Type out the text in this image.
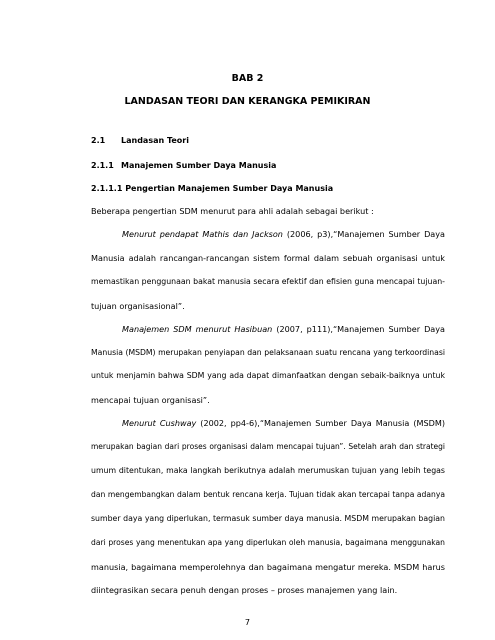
BAB 2
LANDASAN TEORI DAN KERANGKA PEMIKIRAN
2.1 Landasan Teori
2.1.1 Manajemen Sumber Daya Manusia
2.1.1.1 Pengertian Manajemen Sumber Daya Manusia
Beberapa pengertian SDM menurut para ahli adalah sebagai berikut :
Menurut pendapat Mathis dan Jackson (2006, p3),“Manajemen Sumber Daya
Manusia adalah rancangan-rancangan sistem formal dalam sebuah organisasi untuk
memastikan penggunaan bakat manusia secara efektif dan efisien guna mencapai tujuan-
tujuan organisasional”.
Manajemen SDM menurut Hasibuan (2007, p111),“Manajemen Sumber Daya
Manusia (MSDM) merupakan penyiapan dan pelaksanaan suatu rencana yang terkoordinasi
untuk menjamin bahwa SDM yang ada dapat dimanfaatkan dengan sebaik-baiknya untuk
mencapai tujuan organisasi”.
Menurut Cushway (2002, pp4-6),“Manajemen Sumber Daya Manusia (MSDM)
merupakan bagian dari proses organisasi dalam mencapai tujuan”. Setelah arah dan strategi
umum ditentukan, maka langkah berikutnya adalah merumuskan tujuan yang lebih tegas
dan mengembangkan dalam bentuk rencana kerja. Tujuan tidak akan tercapai tanpa adanya
sumber daya yang diperlukan, termasuk sumber daya manusia. MSDM merupakan bagian
dari proses yang menentukan apa yang diperlukan oleh manusia, bagaimana menggunakan
manusia, bagaimana memperolehnya dan bagaimana mengatur mereka. MSDM harus
diintegrasikan secara penuh dengan proses – proses manajemen yang lain.
7
